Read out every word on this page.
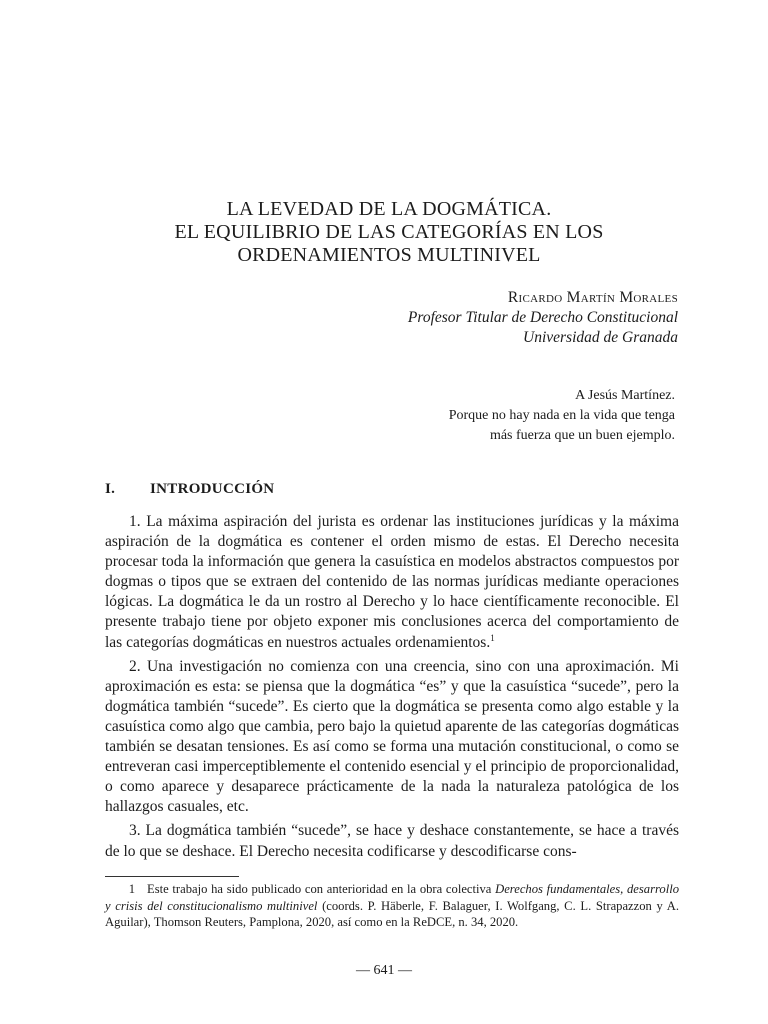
LA LEVEDAD DE LA DOGMÁTICA.
EL EQUILIBRIO DE LAS CATEGORÍAS EN LOS
ORDENAMIENTOS MULTINIVEL
Ricardo Martín Morales
Profesor Titular de Derecho Constitucional
Universidad de Granada
A Jesús Martínez.
Porque no hay nada en la vida que tenga
más fuerza que un buen ejemplo.
I. INTRODUCCIÓN

1. La máxima aspiración del jurista es ordenar las instituciones jurídicas y la máxima aspiración de la dogmática es contener el orden mismo de estas. El Derecho necesita procesar toda la información que genera la casuística en modelos abstractos compuestos por dogmas o tipos que se extraen del contenido de las normas jurídicas mediante operaciones lógicas. La dogmática le da un rostro al Derecho y lo hace científicamente reconocible. El presente trabajo tiene por objeto exponer mis conclusiones acerca del comportamiento de las categorías dogmáticas en nuestros actuales ordenamientos.$^1$

2. Una investigación no comienza con una creencia, sino con una aproximación. Mi aproximación es esta: se piensa que la dogmática “es” y que la casuística “sucede”, pero la dogmática también “sucede”. Es cierto que la dogmática se presenta como algo estable y la casuística como algo que cambia, pero bajo la quietud aparente de las categorías dogmáticas también se desatan tensiones. Es así como se forma una mutación constitucional, o como se entreveran casi imperceptiblemente el contenido esencial y el principio de proporcionalidad, o como aparece y desaparece prácticamente de la nada la naturaleza patológica de los hallazgos casuales, etc.

3. La dogmática también “sucede”, se hace y deshace constantemente, se hace a través de lo que se deshace. El Derecho necesita codificarse y descodificarse cons-

1 Este trabajo ha sido publicado con anterioridad en la obra colectiva Derechos fundamentales, desarrollo y crisis del constitucionalismo multinivel (coords. P. Häberle, F. Balaguer, I. Wolfgang, C. L. Strapazzon y A. Aguilar), Thomson Reuters, Pamplona, 2020, así como en la ReDCE, n. 34, 2020.
— 641 —
